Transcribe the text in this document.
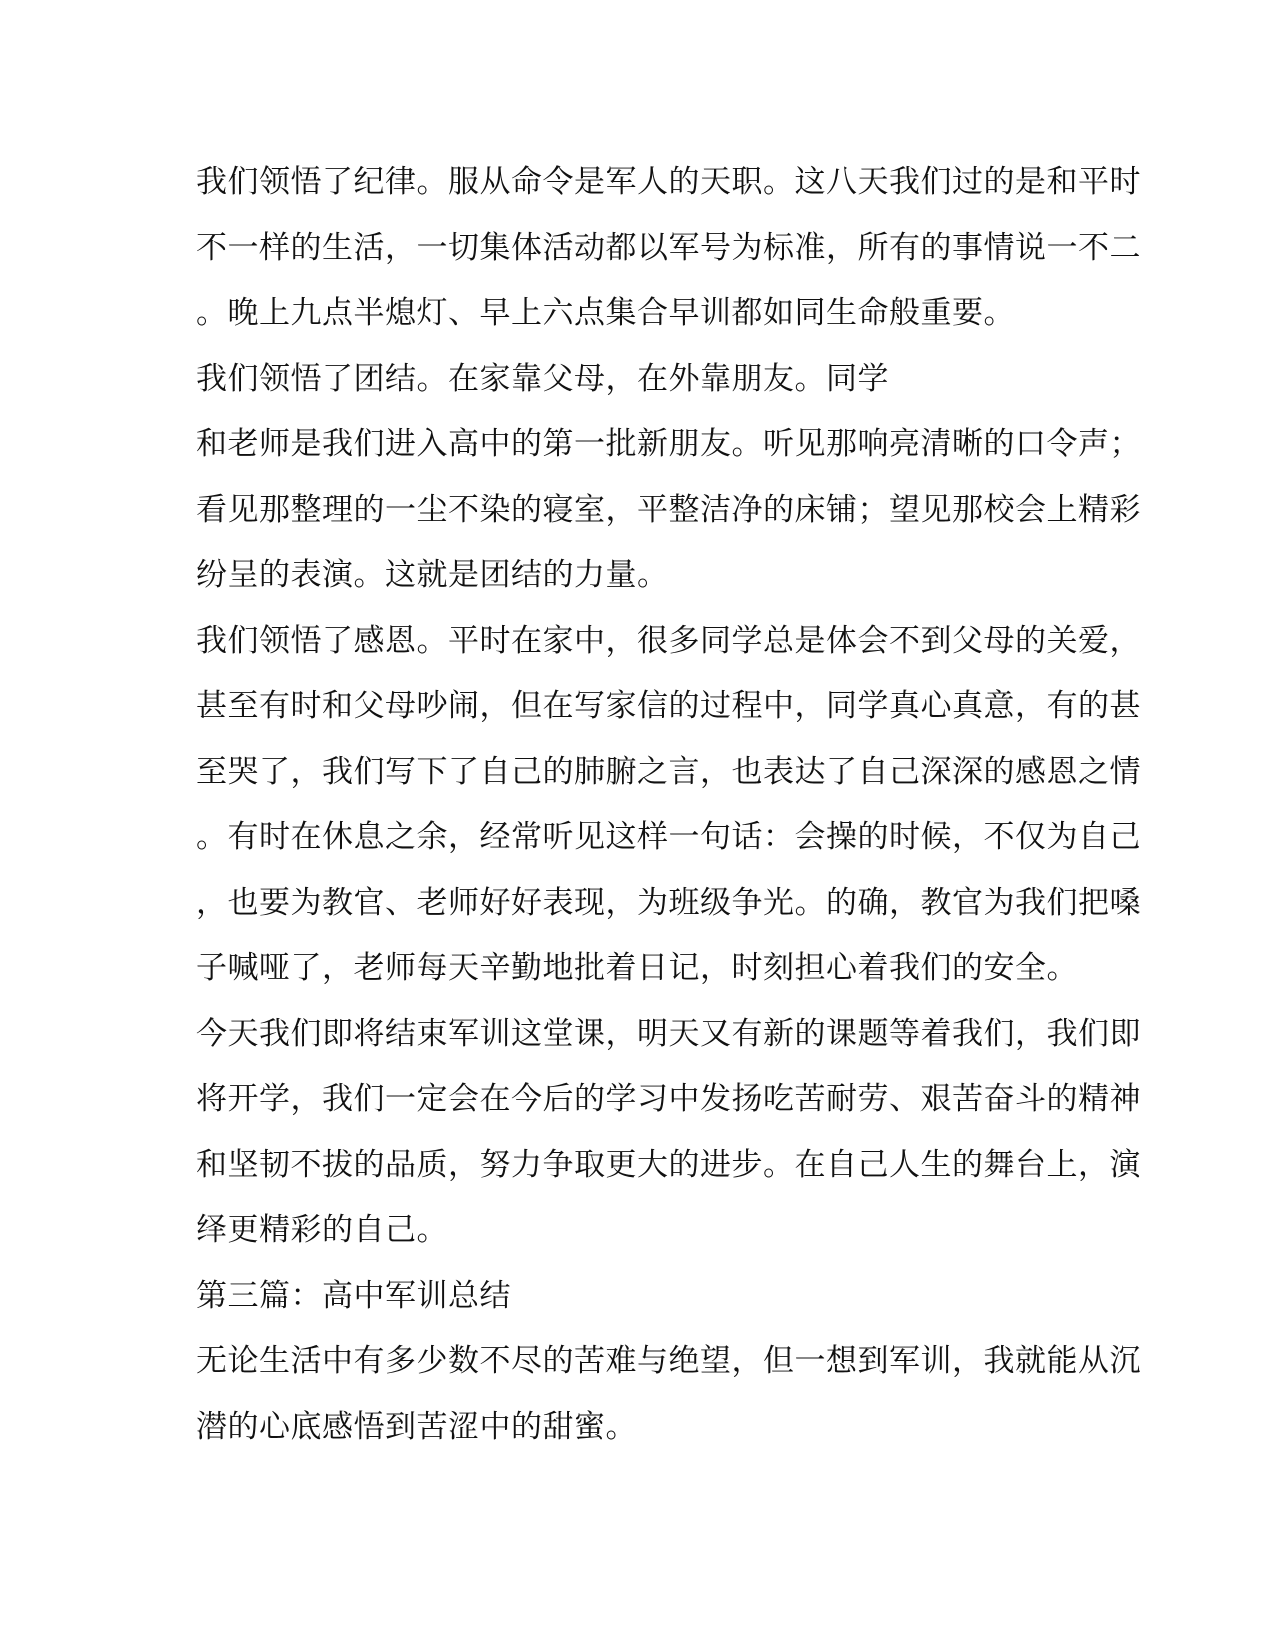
我们领悟了纪律。服从命令是军人的天职。这八天我们过的是和平时
不一样的生活，一切集体活动都以军号为标准，所有的事情说一不二
。晚上九点半熄灯、早上六点集合早训都如同生命般重要。
我们领悟了团结。在家靠父母，在外靠朋友。同学
和老师是我们进入高中的第一批新朋友。听见那响亮清晰的口令声；
看见那整理的一尘不染的寝室，平整洁净的床铺；望见那校会上精彩
纷呈的表演。这就是团结的力量。
我们领悟了感恩。平时在家中，很多同学总是体会不到父母的关爱，
甚至有时和父母吵闹，但在写家信的过程中，同学真心真意，有的甚
至哭了，我们写下了自己的肺腑之言，也表达了自己深深的感恩之情
。有时在休息之余，经常听见这样一句话：会操的时候，不仅为自己
，也要为教官、老师好好表现，为班级争光。的确，教官为我们把嗓
子喊哑了，老师每天辛勤地批着日记，时刻担心着我们的安全。
今天我们即将结束军训这堂课，明天又有新的课题等着我们，我们即
将开学，我们一定会在今后的学习中发扬吃苦耐劳、艰苦奋斗的精神
和坚韧不拔的品质，努力争取更大的进步。在自己人生的舞台上，演
绎更精彩的自己。
第三篇：高中军训总结
无论生活中有多少数不尽的苦难与绝望，但一想到军训，我就能从沉
潜的心底感悟到苦涩中的甜蜜。
